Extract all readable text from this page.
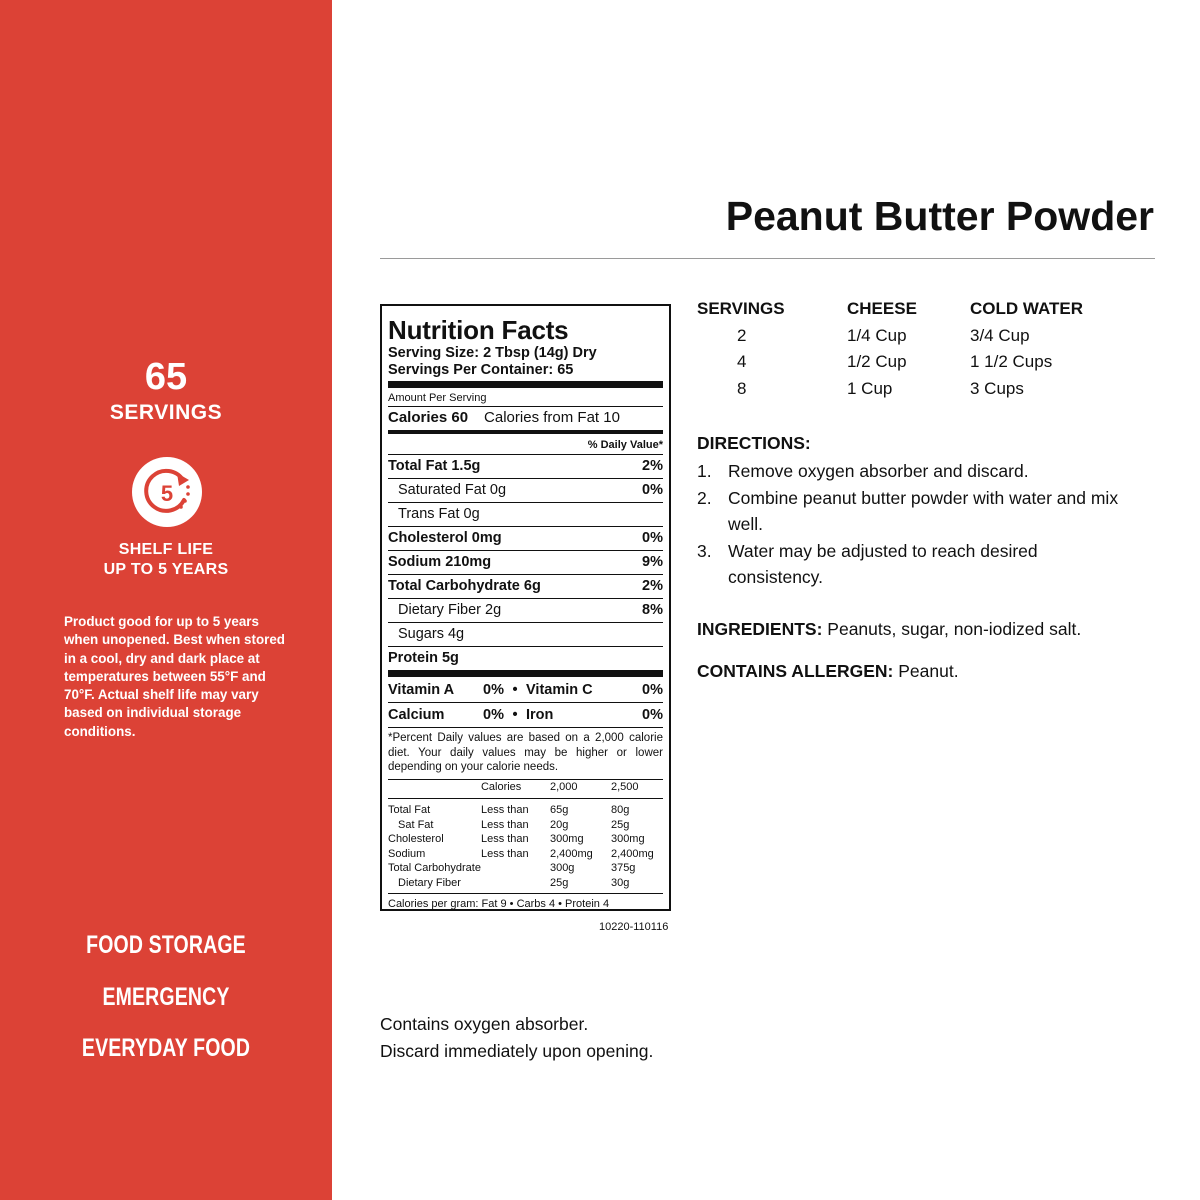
65
SERVINGS
5
SHELF LIFE
UP TO 5 YEARS
Product good for up to 5 years when unopened. Best when stored in a cool, dry and dark place at temperatures between 55°F and 70°F. Actual shelf life may vary based on individual storage conditions.
FOOD STORAGE
EMERGENCY
EVERYDAY FOOD
Peanut Butter Powder
Nutrition Facts
Serving Size: 2 Tbsp (14g) Dry
Servings Per Container: 65
Amount Per Serving
Calories 60 Calories from Fat 10
% Daily Value*
Total Fat 1.5g	2%
Saturated Fat 0g	0%
Trans Fat 0g
Cholesterol 0mg	0%
Sodium 210mg	9%
Total Carbohydrate 6g	2%
Dietary Fiber 2g	8%
Sugars 4g
Protein 5g
Vitamin A	0% • Vitamin C	0%
Calcium	0% • Iron	0%
*Percent Daily values are based on a 2,000 calorie diet. Your daily values may be higher or lower depending on your calorie needs.
	Calories	2,000	2,500
Total Fat	Less than	65g	80g
Sat Fat	Less than	20g	25g
Cholesterol	Less than	300mg	300mg
Sodium	Less than	2,400mg	2,400mg
Total Carbohydrate		300g	375g
Dietary Fiber		25g	30g
Calories per gram: Fat 9 • Carbs 4 • Protein 4
10220-110116
SERVINGS	CHEESE	COLD WATER
2	1/4 Cup	3/4 Cup
4	1/2 Cup	1 1/2 Cups
8	1 Cup	3 Cups
DIRECTIONS:
1. Remove oxygen absorber and discard.
2. Combine peanut butter powder with water and mix well.
3. Water may be adjusted to reach desired consistency.
INGREDIENTS: Peanuts, sugar, non-iodized salt.
CONTAINS ALLERGEN: Peanut.
Contains oxygen absorber.
Discard immediately upon opening.
